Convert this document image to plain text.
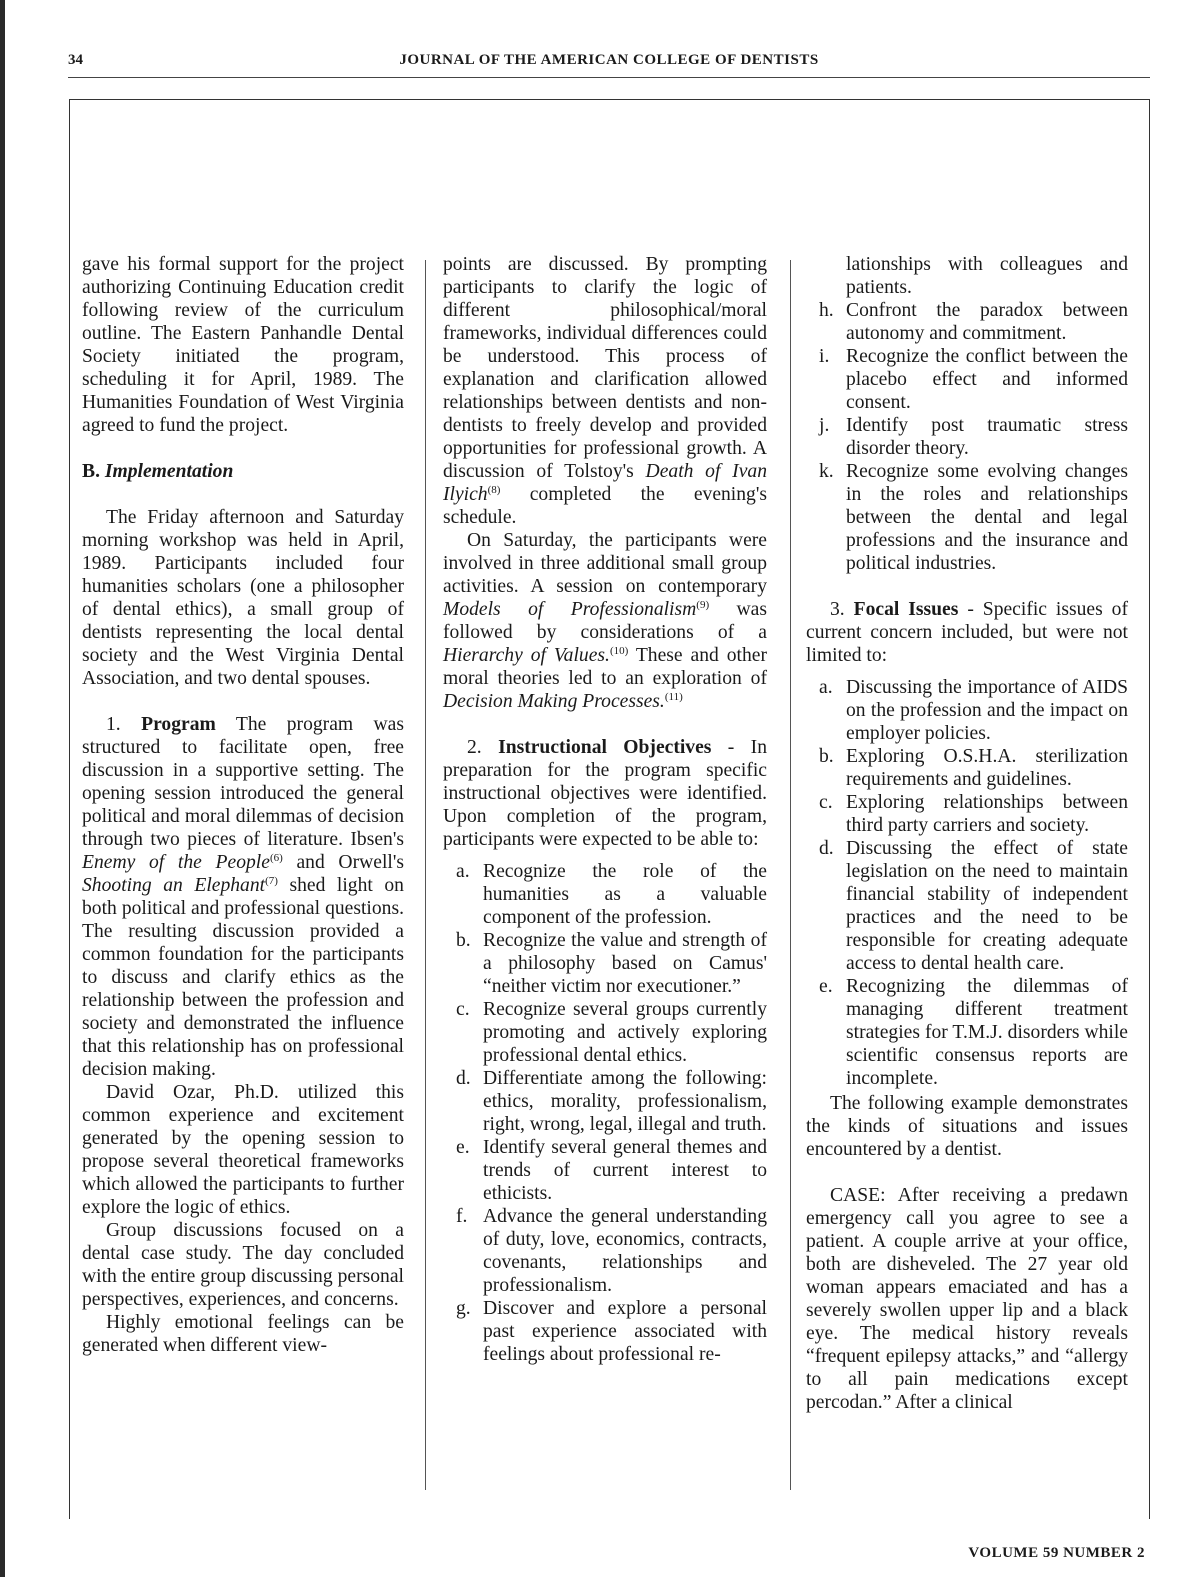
34	JOURNAL OF THE AMERICAN COLLEGE OF DENTISTS

gave his formal support for the project authorizing Continuing Education credit following review of the curriculum outline. The Eastern Panhandle Dental Society initiated the program, scheduling it for April, 1989. The Humanities Foundation of West Virginia agreed to fund the project.

B. Implementation

The Friday afternoon and Saturday morning workshop was held in April, 1989. Participants included four humanities scholars (one a philosopher of dental ethics), a small group of dentists representing the local dental society and the West Virginia Dental Association, and two dental spouses.

1. Program The program was structured to facilitate open, free discussion in a supportive setting. The opening session introduced the general political and moral dilemmas of decision through two pieces of literature. Ibsen's Enemy of the People$^{(6)}$ and Orwell's Shooting an Elephant$^{(7)}$ shed light on both political and professional questions. The resulting discussion provided a common foundation for the participants to discuss and clarify ethics as the relationship between the profession and society and demonstrated the influence that this relationship has on professional decision making.

David Ozar, Ph.D. utilized this common experience and excitement generated by the opening session to propose several theoretical frameworks which allowed the participants to further explore the logic of ethics.

Group discussions focused on a dental case study. The day concluded with the entire group discussing personal perspectives, experiences, and concerns.

Highly emotional feelings can be generated when different view-

points are discussed. By prompting participants to clarify the logic of different philosophical/moral frameworks, individual differences could be understood. This process of explanation and clarification allowed relationships between dentists and non-dentists to freely develop and provided opportunities for professional growth. A discussion of Tolstoy's Death of Ivan Ilyich$^{(8)}$ completed the evening's schedule.

On Saturday, the participants were involved in three additional small group activities. A session on contemporary Models of Professionalism$^{(9)}$ was followed by considerations of a Hierarchy of Values.$^{(10)}$ These and other moral theories led to an exploration of Decision Making Processes.$^{(11)}$

2. Instructional Objectives - In preparation for the program specific instructional objectives were identified. Upon completion of the program, participants were expected to be able to:

a. Recognize the role of the humanities as a valuable component of the profession.
b. Recognize the value and strength of a philosophy based on Camus' “neither victim nor executioner.”
c. Recognize several groups currently promoting and actively exploring professional dental ethics.
d. Differentiate among the following: ethics, morality, professionalism, right, wrong, legal, illegal and truth.
e. Identify several general themes and trends of current interest to ethicists.
f. Advance the general understanding of duty, love, economics, contracts, covenants, relationships and professionalism.
g. Discover and explore a personal past experience associated with feelings about professional re-
lationships with colleagues and patients.
h. Confront the paradox between autonomy and commitment.
i. Recognize the conflict between the placebo effect and informed consent.
j. Identify post traumatic stress disorder theory.
k. Recognize some evolving changes in the roles and relationships between the dental and legal professions and the insurance and political industries.

3. Focal Issues - Specific issues of current concern included, but were not limited to:

a. Discussing the importance of AIDS on the profession and the impact on employer policies.
b. Exploring O.S.H.A. sterilization requirements and guidelines.
c. Exploring relationships between third party carriers and society.
d. Discussing the effect of state legislation on the need to maintain financial stability of independent practices and the need to be responsible for creating adequate access to dental health care.
e. Recognizing the dilemmas of managing different treatment strategies for T.M.J. disorders while scientific consensus reports are incomplete.

The following example demonstrates the kinds of situations and issues encountered by a dentist.

CASE: After receiving a predawn emergency call you agree to see a patient. A couple arrive at your office, both are disheveled. The 27 year old woman appears emaciated and has a severely swollen upper lip and a black eye. The medical history reveals “frequent epilepsy attacks,” and “allergy to all pain medications except percodan.” After a clinical

VOLUME 59 NUMBER 2
